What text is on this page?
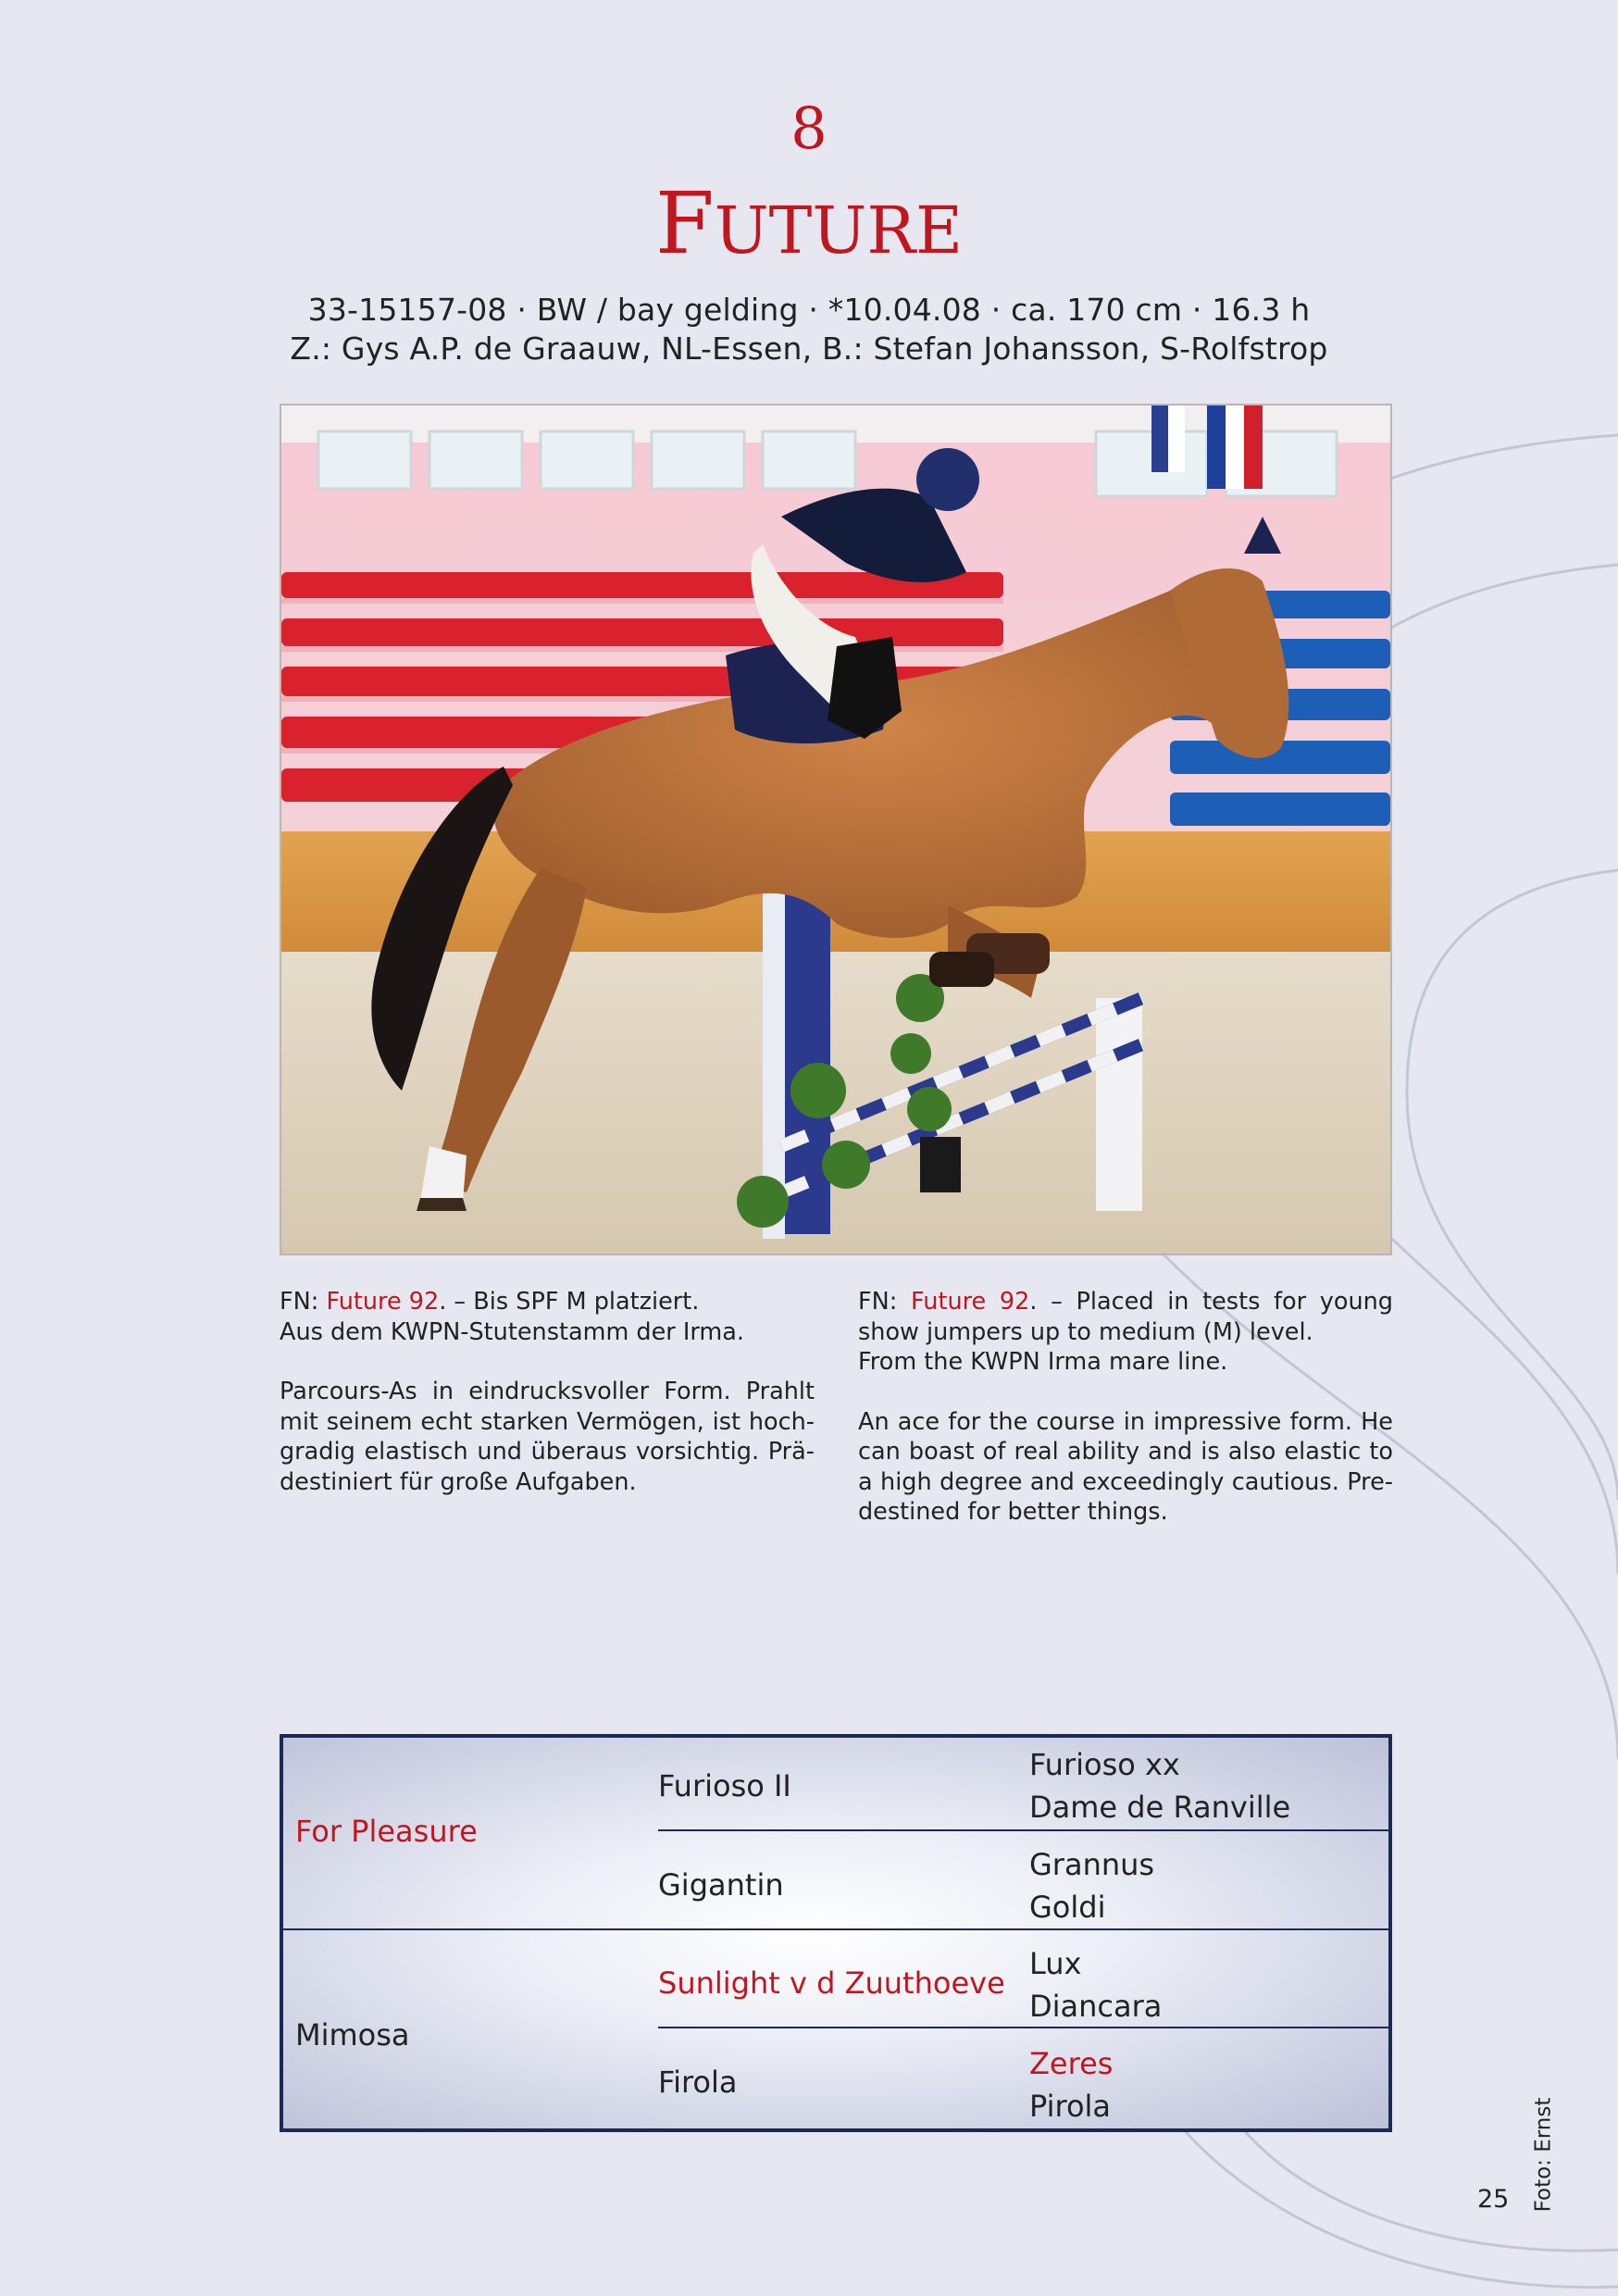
8
FUTURE
33-15157-08 · BW / bay gelding · *10.04.08 · ca. 170 cm · 16.3 h
Z.: Gys A.P. de Graauw, NL-Essen, B.: Stefan Johansson, S-Rolfstrop

FN: Future 92. – Bis SPF M platziert.
Aus dem KWPN-Stutenstamm der Irma.

Parcours-As in eindrucksvoller Form. Prahlt mit seinem echt starken Vermögen, ist hochgradig elastisch und überaus vorsichtig. Prädestiniert für große Aufgaben.

FN: Future 92. – Placed in tests for young show jumpers up to medium (M) level.
From the KWPN Irma mare line.

An ace for the course in impressive form. He can boast of real ability and is also elastic to a high degree and exceedingly cautious. Predestined for better things.

For Pleasure
Mimosa
Furioso II
Gigantin
Sunlight v d Zuuthoeve
Firola
Furioso xx
Dame de Ranville
Grannus
Goldi
Lux
Diancara
Zeres
Pirola	Foto: Ernst
25
